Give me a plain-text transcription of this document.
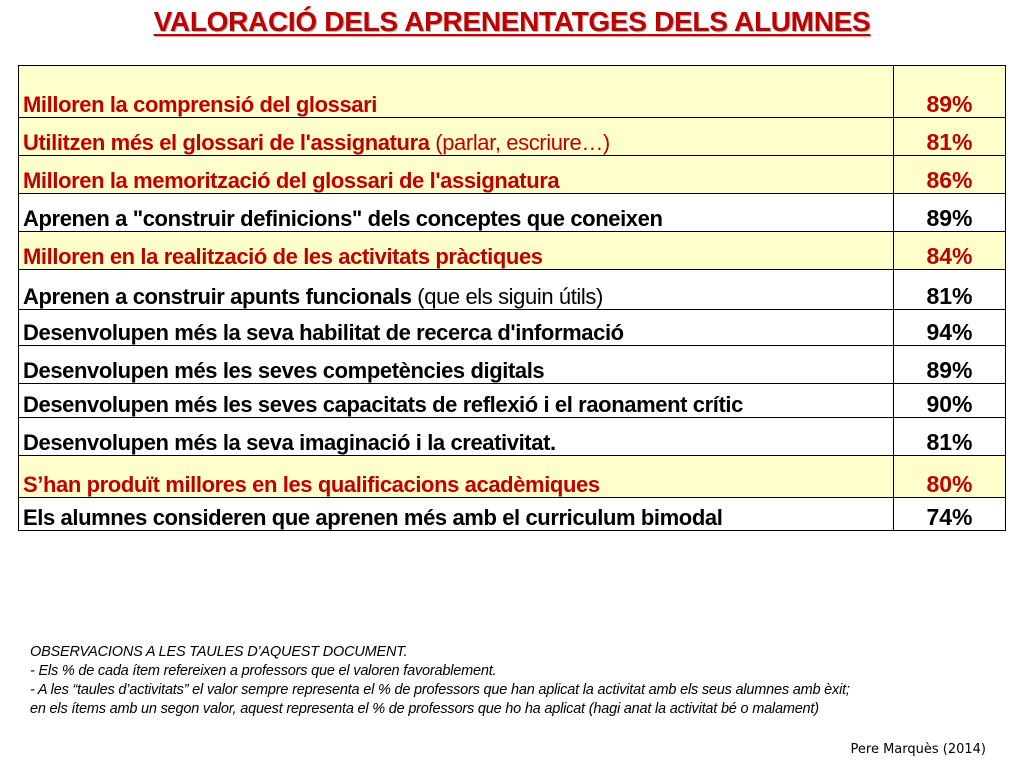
VALORACIÓ DELS APRENENTATGES DELS ALUMNES
Milloren la comprensió del glossari	89%
Utilitzen més el glossari de l'assignatura (parlar, escriure…)	81%
Milloren la memorització del glossari de l'assignatura	86%
Aprenen a "construir definicions" dels conceptes que coneixen	89%
Milloren en la realització de les activitats pràctiques	84%
Aprenen a construir apunts funcionals (que els siguin útils)	81%
Desenvolupen més la seva habilitat de recerca d'informació	94%
Desenvolupen més les seves competències digitals	89%
Desenvolupen més les seves capacitats de reflexió i el raonament crític	90%
Desenvolupen més la seva imaginació i la creativitat.	81%
S’han produït millores en les qualificacions acadèmiques	80%
Els alumnes consideren que aprenen més amb el curriculum bimodal	74%
OBSERVACIONS A LES TAULES D’AQUEST DOCUMENT.
- Els % de cada ítem refereixen a professors que el valoren favorablement.
- A les “taules d’activitats” el valor sempre representa el % de professors que han aplicat la activitat amb els seus alumnes amb èxit;
en els ítems amb un segon valor, aquest representa el % de professors que ho ha aplicat (hagi anat la activitat bé o malament)
Pere Marquès (2014)
